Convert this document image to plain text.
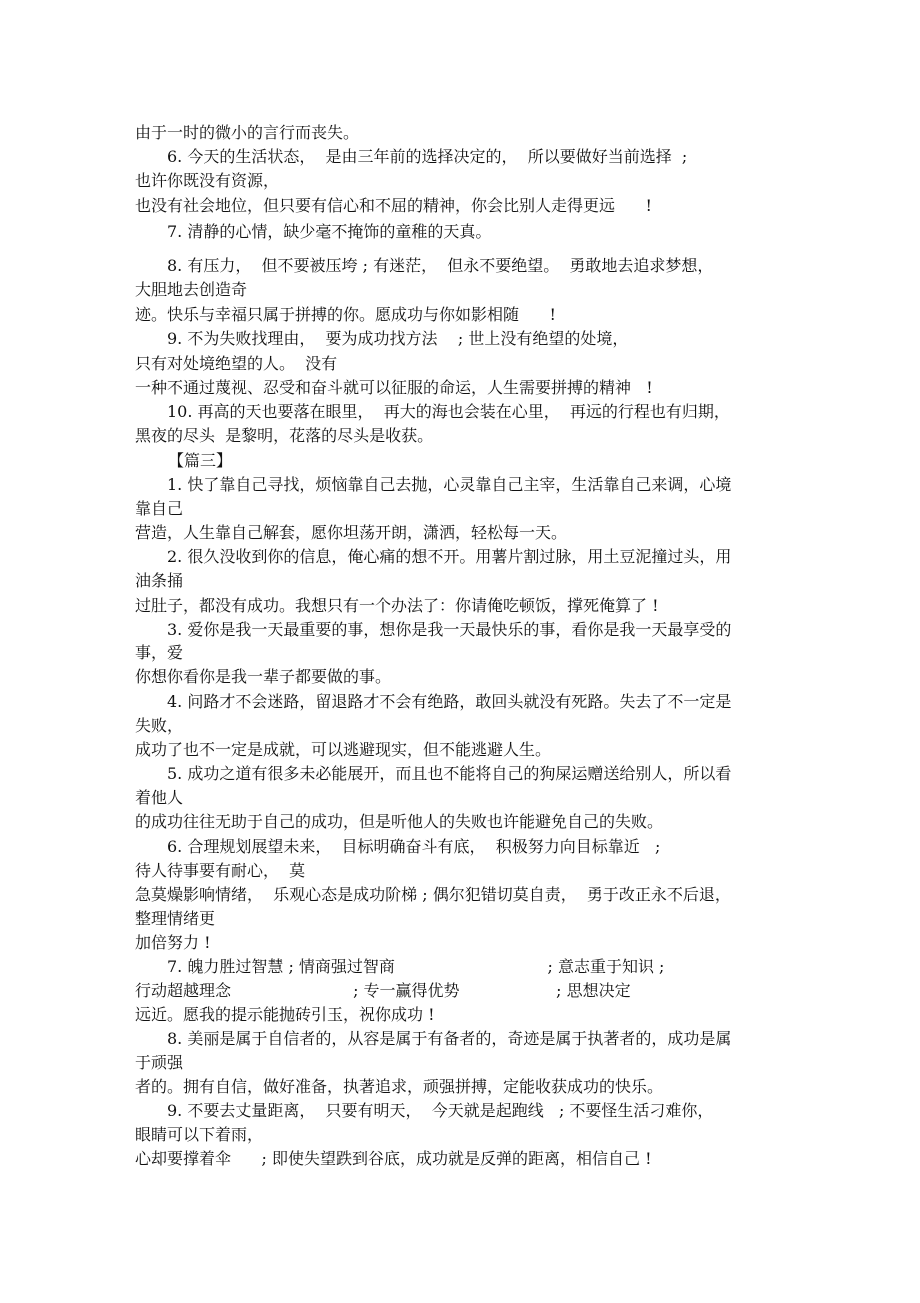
由于一时的微小的言行而丧失。
6. 今天的生活状态，  是由三年前的选择决定的，  所以要做好当前选择  ;
也许你既没有资源，
也没有社会地位，但只要有信心和不屈的精神，你会比别人走得更远      !
7. 清静的心情，缺少毫不掩饰的童稚的天真。
8. 有压力，  但不要被压垮 ; 有迷茫，  但永不要绝望。  勇敢地去追求梦想，
大胆地去创造奇
迹。快乐与幸福只属于拼搏的你。愿成功与你如影相随      !
9. 不为失败找理由，  要为成功找方法    ; 世上没有绝望的处境，
只有对处境绝望的人。  没有
一种不通过蔑视、忍受和奋斗就可以征服的命运，人生需要拼搏的精神   !
10. 再高的天也要落在眼里，  再大的海也会装在心里，  再远的行程也有归期，
黑夜的尽头  是黎明，花落的尽头是收获。
【篇三】
1. 快了靠自己寻找，烦恼靠自己去抛，心灵靠自己主宰，生活靠自己来调，心境
靠自己
营造，人生靠自己解套，愿你坦荡开朗，潇洒，轻松每一天。
2. 很久没收到你的信息，俺心痛的想不开。用薯片割过脉，用土豆泥撞过头，用
油条捅
过肚子，都没有成功。我想只有一个办法了：你请俺吃顿饭，撑死俺算了 !
3. 爱你是我一天最重要的事，想你是我一天最快乐的事，看你是我一天最享受的
事，爱
你想你看你是我一辈子都要做的事。
4. 问路才不会迷路，留退路才不会有绝路，敢回头就没有死路。失去了不一定是
失败，
成功了也不一定是成就，可以逃避现实，但不能逃避人生。
5. 成功之道有很多未必能展开，而且也不能将自己的狗屎运赠送给别人，所以看
着他人
的成功往往无助于自己的成功，但是听他人的失败也许能避免自己的失败。
6. 合理规划展望未来，  目标明确奋斗有底，  积极努力向目标靠近   ;
待人待事要有耐心，  莫
急莫燥影响情绪，  乐观心态是成功阶梯 ; 偶尔犯错切莫自责，  勇于改正永不后退，
整理情绪更
加倍努力 !
7. 魄力胜过智慧 ; 情商强过智商                              ; 意志重于知识 ;
行动超越理念                        ; 专一赢得优势                   ; 思想决定
远近。愿我的提示能抛砖引玉，祝你成功 !
8. 美丽是属于自信者的，从容是属于有备者的，奇迹是属于执著者的，成功是属
于顽强
者的。拥有自信，做好准备，执著追求，顽强拼搏，定能收获成功的快乐。
9. 不要去丈量距离，  只要有明天，  今天就是起跑线   ; 不要怪生活刁难你，
眼睛可以下着雨，
心却要撑着伞      ; 即使失望跌到谷底，成功就是反弹的距离，相信自己 !
